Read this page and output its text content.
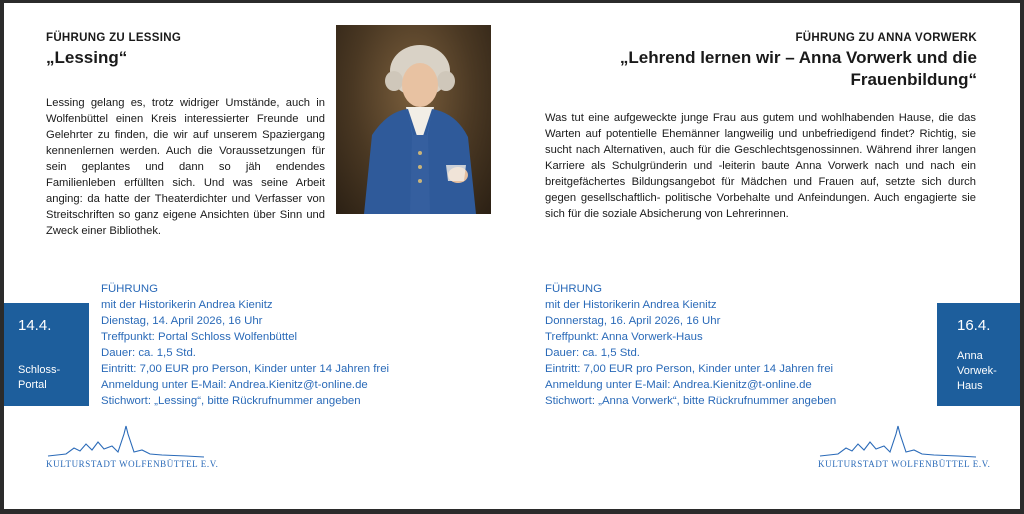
FÜHRUNG ZU LESSING
„Lessing“

Lessing gelang es, trotz widriger Umstände, auch in Wolfenbüttel einen Kreis interessierter Freunde und Gelehrter zu finden, die wir auf unserem Spaziergang kennenlernen werden. Auch die Voraussetzungen für sein geplantes und dann so jäh endendes Familienleben erfüllten sich. Und was seine Arbeit anging: da hatte der Theaterdichter und Verfasser von Streitschriften so ganz eigene Ansichten über Sinn und Zweck einer Bibliothek.

FÜHRUNG
mit der Historikerin Andrea Kienitz
Dienstag, 14. April 2026, 16 Uhr
Treffpunkt: Portal Schloss Wolfenbüttel
Dauer: ca. 1,5 Std.
Eintritt: 7,00 EUR pro Person, Kinder unter 14 Jahren frei
Anmeldung unter E-Mail: Andrea.Kienitz@t-online.de
Stichwort: „Lessing“, bitte Rückrufnummer angeben
14.4.
Schloss-
Portal
KULTURSTADT WOLFENBÜTTEL E.V.
FÜHRUNG ZU ANNA VORWERK
„Lehrend lernen wir – Anna Vorwerk und die
Frauenbildung“

Was tut eine aufgeweckte junge Frau aus gutem und wohlhabenden Hause, die das Warten auf potentielle Ehemänner langweilig und unbefriedigend findet? Richtig, sie sucht nach Alternativen, auch für die Geschlechtsgenossinnen. Während ihrer langen Karriere als Schulgründerin und -leiterin baute Anna Vorwerk nach und nach ein breitgefächertes Bildungsangebot für Mädchen und Frauen auf, setzte sich durch gegen gesellschaftlich- politische Vorbehalte und Anfeindungen. Auch engagierte sie sich für die soziale Absicherung von Lehrerinnen.

FÜHRUNG
mit der Historikerin Andrea Kienitz
Donnerstag, 16. April 2026, 16 Uhr
Treffpunkt: Anna Vorwerk-Haus
Dauer: ca. 1,5 Std.
Eintritt: 7,00 EUR pro Person, Kinder unter 14 Jahren frei
Anmeldung unter E-Mail: Andrea.Kienitz@t-online.de
Stichwort: „Anna Vorwerk“, bitte Rückrufnummer angeben
16.4.
Anna
Vorwek-
Haus
KULTURSTADT WOLFENBÜTTEL E.V.
